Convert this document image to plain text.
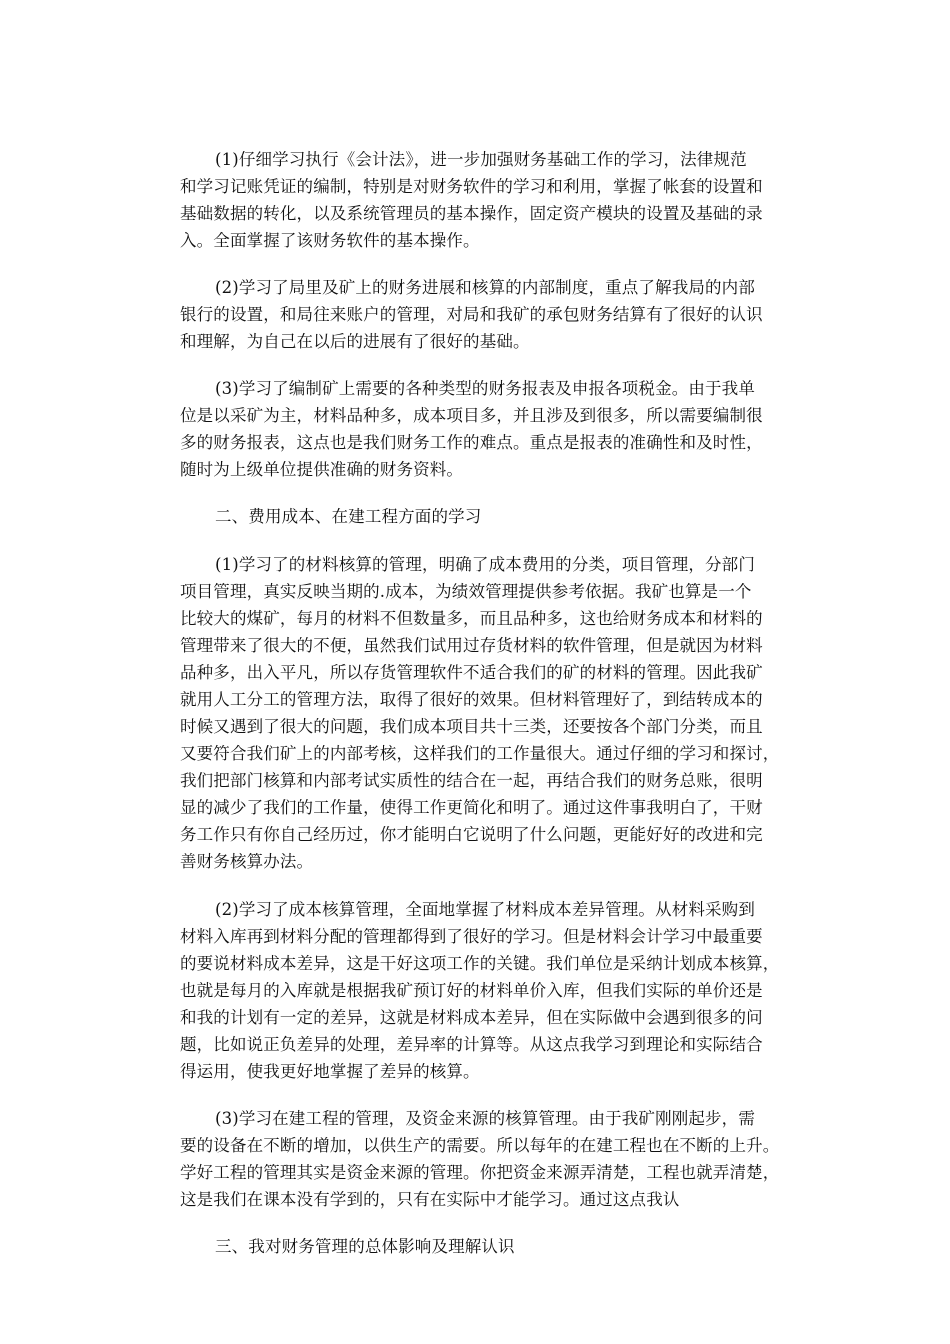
(1)仔细学习执行《会计法》，进一步加强财务基础工作的学习，法律规范
和学习记账凭证的编制，特别是对财务软件的学习和利用，掌握了帐套的设置和
基础数据的转化，以及系统管理员的基本操作，固定资产模块的设置及基础的录
入。全面掌握了该财务软件的基本操作。
(2)学习了局里及矿上的财务进展和核算的内部制度，重点了解我局的内部
银行的设置，和局往来账户的管理，对局和我矿的承包财务结算有了很好的认识
和理解，为自己在以后的进展有了很好的基础。
(3)学习了编制矿上需要的各种类型的财务报表及申报各项税金。由于我单
位是以采矿为主，材料品种多，成本项目多，并且涉及到很多，所以需要编制很
多的财务报表，这点也是我们财务工作的难点。重点是报表的准确性和及时性，
随时为上级单位提供准确的财务资料。
二、费用成本、在建工程方面的学习
(1)学习了的材料核算的管理，明确了成本费用的分类，项目管理，分部门
项目管理，真实反映当期的.成本，为绩效管理提供参考依据。我矿也算是一个
比较大的煤矿，每月的材料不但数量多，而且品种多，这也给财务成本和材料的
管理带来了很大的不便，虽然我们试用过存货材料的软件管理，但是就因为材料
品种多，出入平凡，所以存货管理软件不适合我们的矿的材料的管理。因此我矿
就用人工分工的管理方法，取得了很好的效果。但材料管理好了，到结转成本的
时候又遇到了很大的问题，我们成本项目共十三类，还要按各个部门分类，而且
又要符合我们矿上的内部考核，这样我们的工作量很大。通过仔细的学习和探讨，
我们把部门核算和内部考试实质性的结合在一起，再结合我们的财务总账，很明
显的减少了我们的工作量，使得工作更简化和明了。通过这件事我明白了，干财
务工作只有你自己经历过，你才能明白它说明了什么问题，更能好好的改进和完
善财务核算办法。
(2)学习了成本核算管理，全面地掌握了材料成本差异管理。从材料采购到
材料入库再到材料分配的管理都得到了很好的学习。但是材料会计学习中最重要
的要说材料成本差异，这是干好这项工作的关键。我们单位是采纳计划成本核算，
也就是每月的入库就是根据我矿预订好的材料单价入库，但我们实际的单价还是
和我的计划有一定的差异，这就是材料成本差异，但在实际做中会遇到很多的问
题，比如说正负差异的处理，差异率的计算等。从这点我学习到理论和实际结合
得运用，使我更好地掌握了差异的核算。
(3)学习在建工程的管理，及资金来源的核算管理。由于我矿刚刚起步，需
要的设备在不断的增加，以供生产的需要。所以每年的在建工程也在不断的上升。
学好工程的管理其实是资金来源的管理。你把资金来源弄清楚，工程也就弄清楚，
这是我们在课本没有学到的，只有在实际中才能学习。通过这点我认
三、我对财务管理的总体影响及理解认识
